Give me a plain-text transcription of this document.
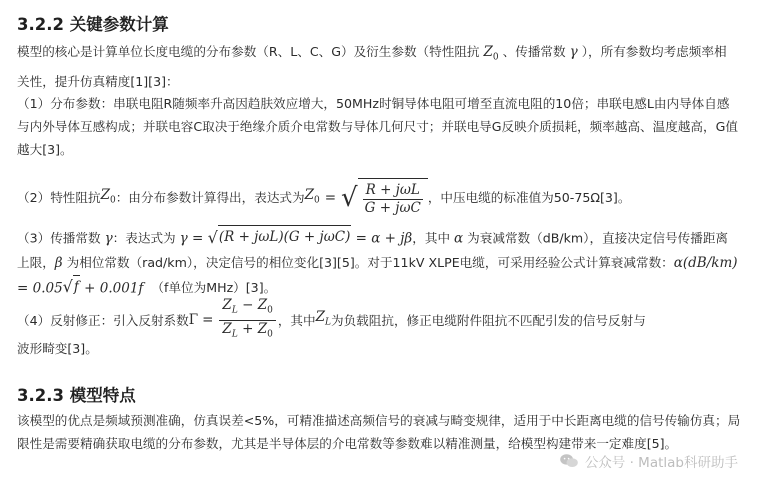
3.2.2 关键参数计算

模型的核心是计算单位长度电缆的分布参数（R、L、C、G）及衍生参数（特性阻抗 $Z_0$ 、传播常数 γ ），所有参数均考虑频率相关性，提升仿真精度[1][3]：

（1）分布参数：串联电阻R随频率升高因趋肤效应增大，50MHz时铜导体电阻可增至直流电阻的10倍；串联电感L由内导体自感与内外导体互感构成；并联电容C取决于绝缘介质介电常数与导体几何尺寸；并联电导G反映介质损耗，频率越高、温度越高，G值越大[3]。

（2）特性阻抗 $Z_0$ ：由分布参数计算得出，表达式为 $Z_0$ = √ $\frac{\text{R + jωL}}{\text{G + jωC}}$ ，中压电缆的标准值为50-75Ω[3]。

（3）传播常数 γ：表达式为 γ = √ (R + jωL)(G + jωC) = α + jβ，其中 α 为衰减常数（dB/km），直接决定信号传播距离上限，β 为相位常数（rad/km），决定信号的相位变化[3][5]。对于11kV XLPE电缆，可采用经验公式计算衰减常数：α(dB/km) = 0.05 √ f + 0.001f （f单位为MHz）[3]。

（4）反射修正：引入反射系数 $\Gamma = \frac{Z_L - Z_0}{Z_L + Z_0}$ ，其中 $Z_L$ 为负载阻抗，修正电缆附件阻抗不匹配引发的信号反射与
波形畸变[3]。

3.2.3 模型特点

该模型的优点是频域预测准确，仿真误差<5%，可精准描述高频信号的衰减与畸变规律，适用于中长距离电缆的信号传输仿真；局限性是需要精确获取电缆的分布参数，尤其是半导体层的介电常数等参数难以精准测量，给模型构建带来一定难度[5]。

公众号 · Matlab科研助手
